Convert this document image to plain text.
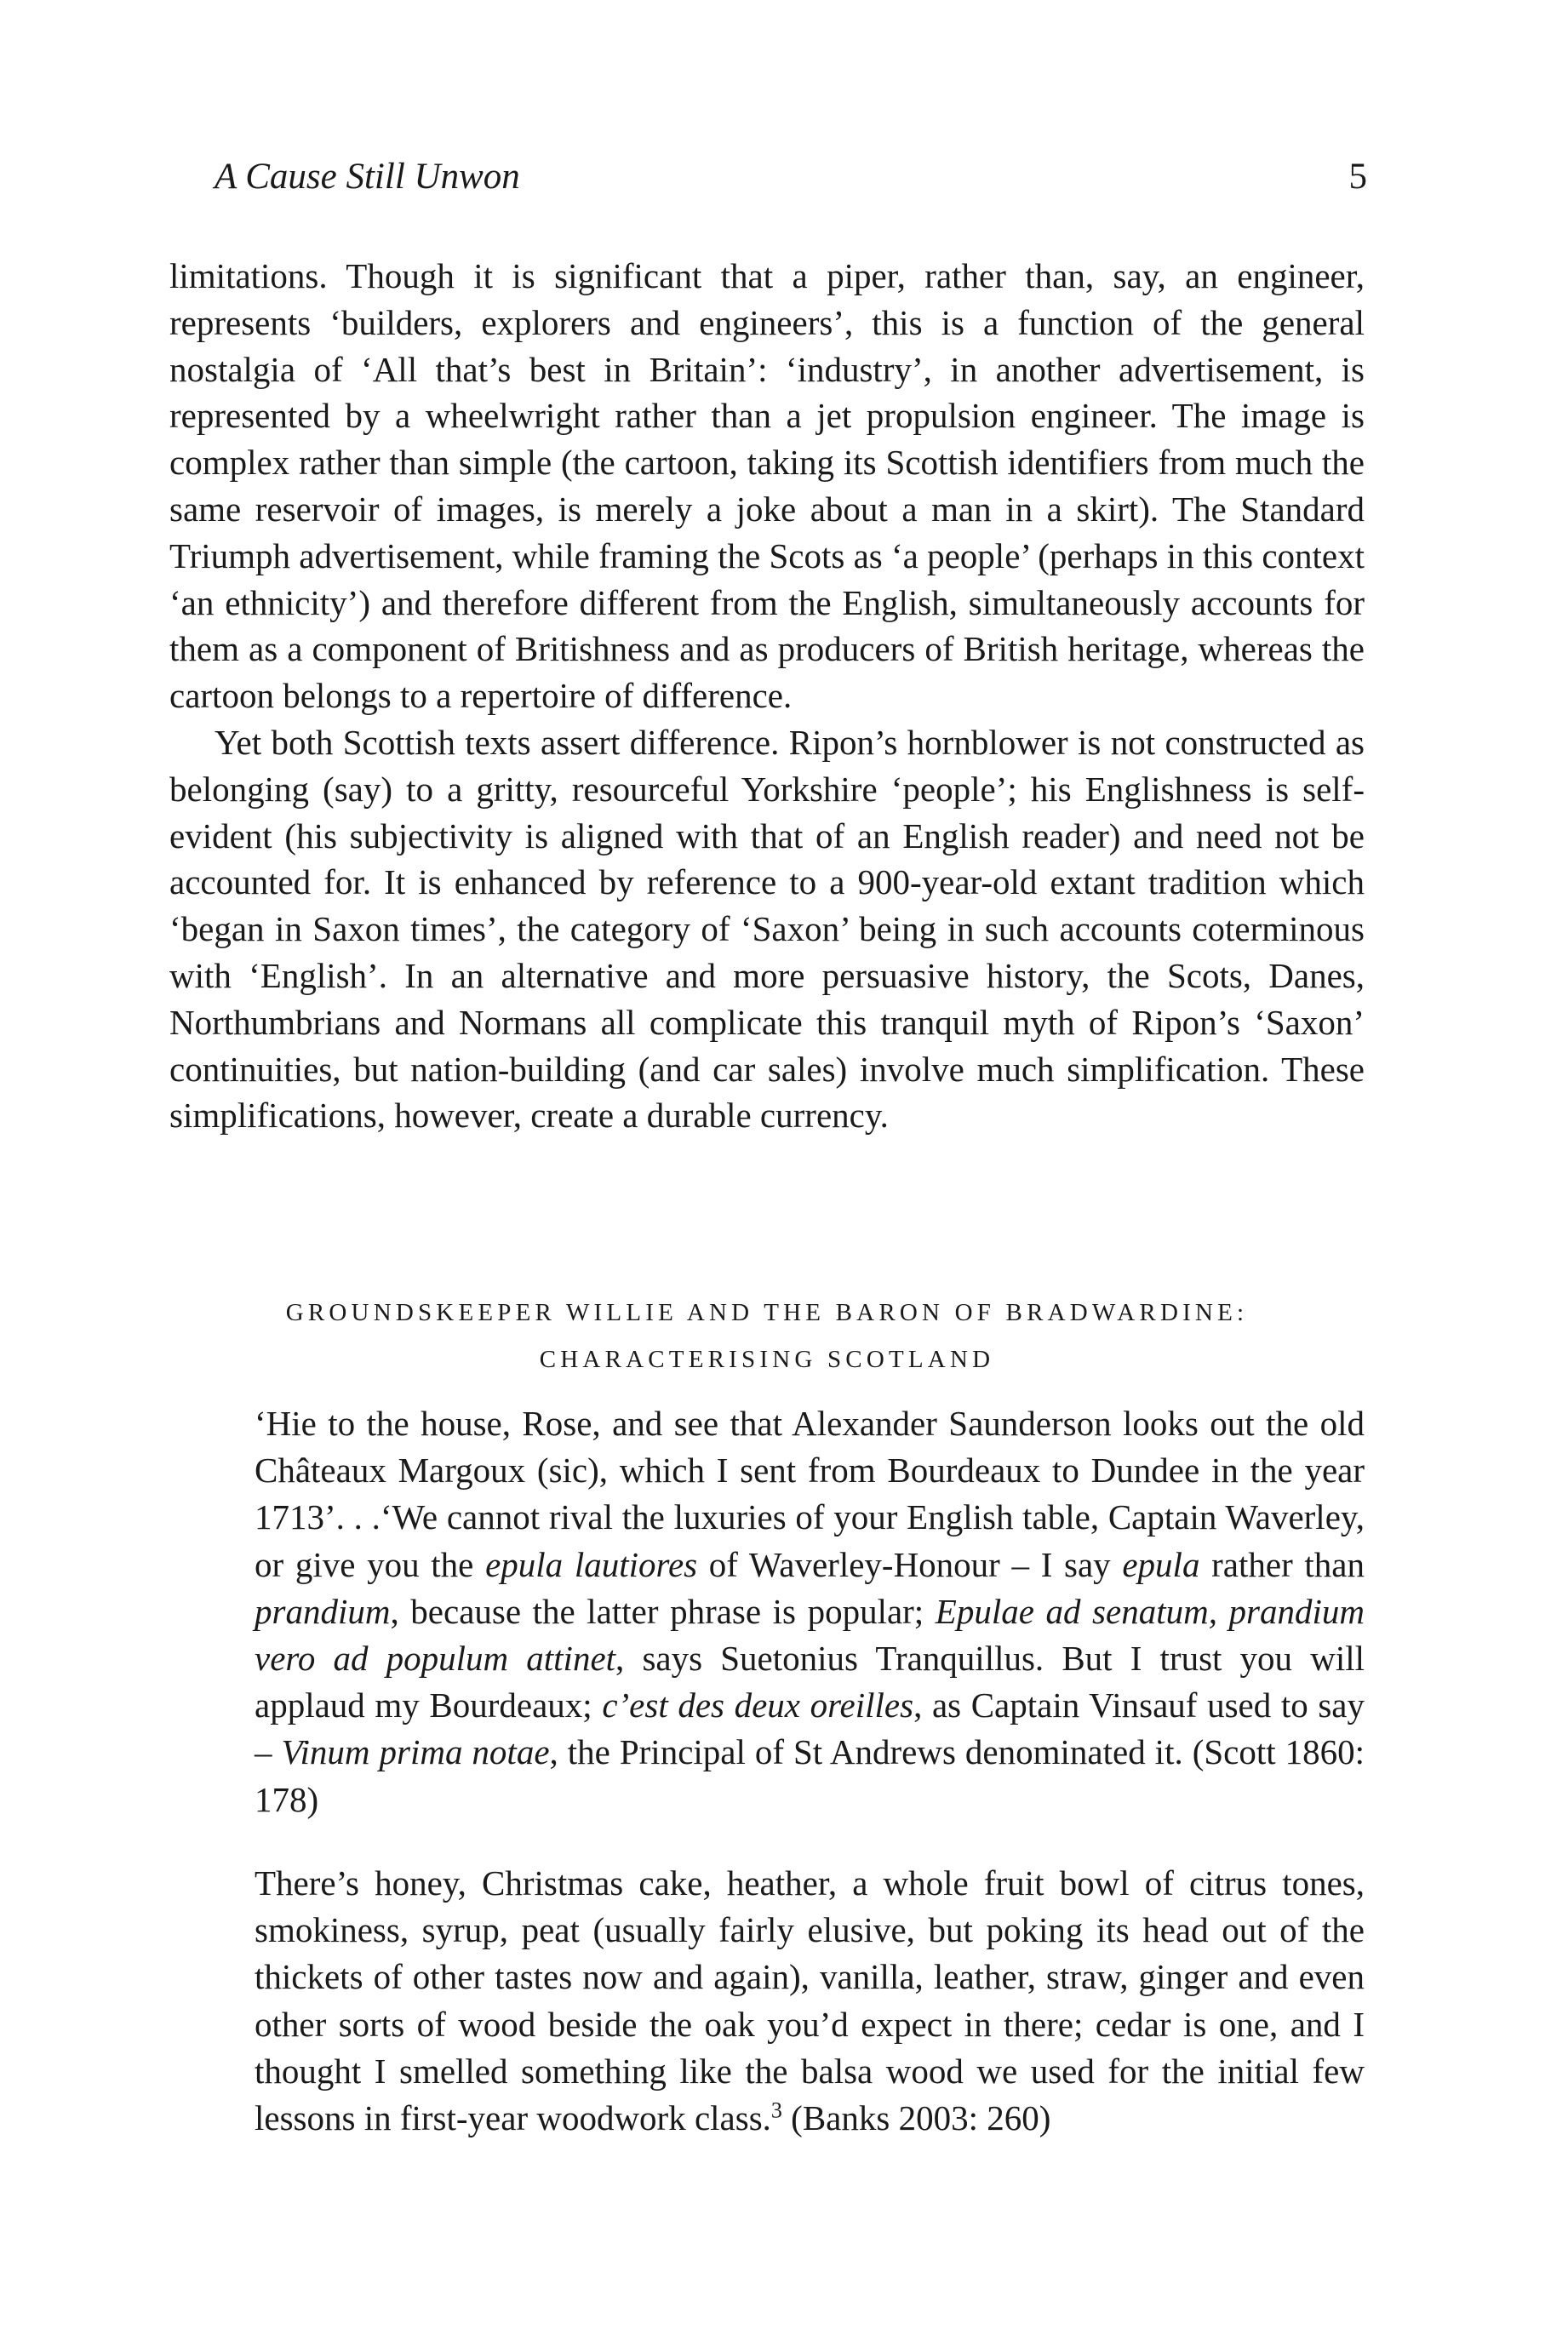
A Cause Still Unwon	5

limitations. Though it is significant that a piper, rather than, say, an engineer, represents ‘builders, explorers and engineers’, this is a function of the general nostalgia of ‘All that’s best in Britain’: ‘industry’, in another advertisement, is represented by a wheelwright rather than a jet propulsion engineer. The image is complex rather than simple (the cartoon, taking its Scottish identifiers from much the same reservoir of images, is merely a joke about a man in a skirt). The Standard Triumph advertisement, while framing the Scots as ‘a people’ (perhaps in this context ‘an ethnicity’) and therefore different from the English, simultaneously accounts for them as a component of Britishness and as producers of British heritage, whereas the cartoon belongs to a repertoire of difference.

Yet both Scottish texts assert difference. Ripon’s hornblower is not constructed as belonging (say) to a gritty, resourceful Yorkshire ‘people’; his Englishness is self-evident (his subjectivity is aligned with that of an English reader) and need not be accounted for. It is enhanced by reference to a 900-year-old extant tradition which ‘began in Saxon times’, the category of ‘Saxon’ being in such accounts coterminous with ‘English’. In an alternative and more persuasive history, the Scots, Danes, Northumbrians and Normans all complicate this tranquil myth of Ripon’s ‘Saxon’ continuities, but nation-building (and car sales) involve much simplification. These simplifications, however, create a durable currency.

GROUNDSKEEPER WILLIE AND THE BARON OF BRADWARDINE:
CHARACTERISING SCOTLAND

‘Hie to the house, Rose, and see that Alexander Saunderson looks out the old Châteaux Margoux (sic), which I sent from Bourdeaux to Dundee in the year 1713’. . .‘We cannot rival the luxuries of your English table, Captain Waverley, or give you the epula lautiores of Waverley-Honour – I say epula rather than prandium, because the latter phrase is popular; Epulae ad senatum, prandium vero ad populum attinet, says Suetonius Tranquillus. But I trust you will applaud my Bourdeaux; c’est des deux oreilles, as Captain Vinsauf used to say – Vinum prima notae, the Principal of St Andrews denominated it. (Scott 1860: 178)

There’s honey, Christmas cake, heather, a whole fruit bowl of citrus tones, smokiness, syrup, peat (usually fairly elusive, but poking its head out of the thickets of other tastes now and again), vanilla, leather, straw, ginger and even other sorts of wood beside the oak you’d expect in there; cedar is one, and I thought I smelled something like the balsa wood we used for the initial few lessons in first-year woodwork class.$^3$ (Banks 2003: 260)
